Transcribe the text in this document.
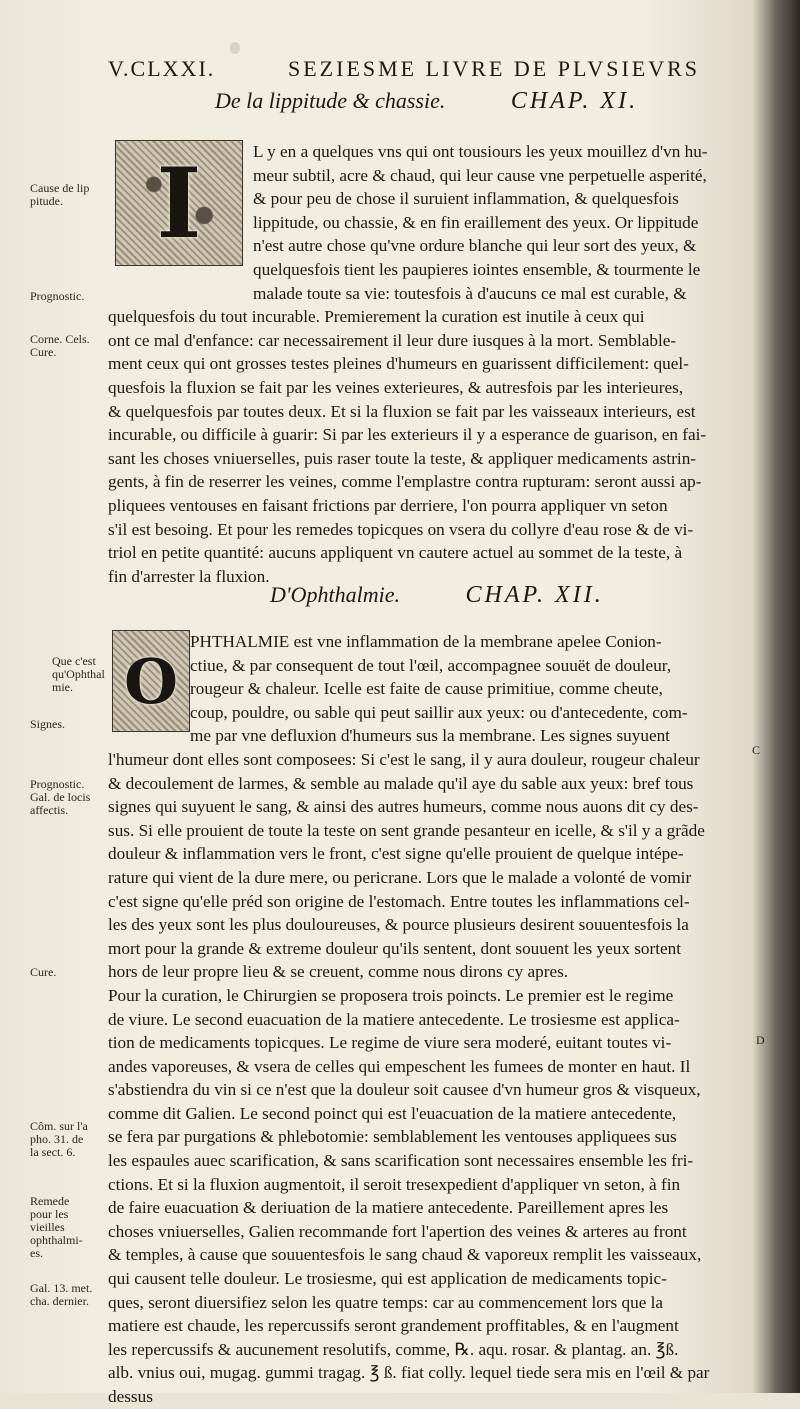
V.CLXXI.	SEZIESME LIVRE DE PLVSIEVRS
De la lippitude & chassie.	CHAP. XI.
I	L y en a quelques vns qui ont tousiours les yeux mouillez d'vn hu-
meur subtil, acre & chaud, qui leur cause vne perpetuelle asperité,
& pour peu de chose il suruient inflammation, & quelquesfois
lippitude, ou chassie, & en fin eraillement des yeux. Or lippitude
n'est autre chose qu'vne ordure blanche qui leur sort des yeux, &
quelquesfois tient les paupieres iointes ensemble, & tourmente le
malade toute sa vie: toutesfois à d'aucuns ce mal est curable, &
quelquesfois du tout incurable. Premierement la curation est inutile à ceux qui
ont ce mal d'enfance: car necessairement il leur dure iusques à la mort. Semblable-
ment ceux qui ont grosses testes pleines d'humeurs en guarissent difficilement: quel-
quesfois la fluxion se fait par les veines exterieures, & autresfois par les interieures,
& quelquesfois par toutes deux. Et si la fluxion se fait par les vaisseaux interieurs, est
incurable, ou difficile à guarir: Si par les exterieurs il y a esperance de guarison, en fai-
sant les choses vniuerselles, puis raser toute la teste, & appliquer medicaments astrin-
gents, à fin de reserrer les veines, comme l'emplastre contra rupturam: seront aussi ap-
pliquees ventouses en faisant frictions par derriere, l'on pourra appliquer vn seton
s'il est besoing. Et pour les remedes topicques on vsera du collyre d'eau rose & de vi-
triol en petite quantité: aucuns appliquent vn cautere actuel au sommet de la teste, à
fin d'arrester la fluxion.
Cause de lip pitude.
Prognostic.
Corne. Cels. Cure.
D'Ophthalmie.	CHAP. XII.
O
PHTHALMIE est vne inflammation de la membrane apelee Conion-
ctiue, & par consequent de tout l'œil, accompagnee souuët de douleur,
rougeur & chaleur. Icelle est faite de cause primitiue, comme cheute,
coup, pouldre, ou sable qui peut saillir aux yeux: ou d'antecedente, com-
me par vne defluxion d'humeurs sus la membrane. Les signes suyuent
l'humeur dont elles sont composees: Si c'est le sang, il y aura douleur, rougeur chaleur
& decoulement de larmes, & semble au malade qu'il aye du sable aux yeux: bref tous
signes qui suyuent le sang, & ainsi des autres humeurs, comme nous auons dit cy des-
sus. Si elle prouient de toute la teste on sent grande pesanteur en icelle, & s'il y a grãde
douleur & inflammation vers le front, c'est signe qu'elle prouient de quelque intépe-
rature qui vient de la dure mere, ou pericrane. Lors que le malade a volonté de vomir
c'est signe qu'elle préd son origine de l'estomach. Entre toutes les inflammations cel-
les des yeux sont les plus douloureuses, & pource plusieurs desirent souuentesfois la
mort pour la grande & extreme douleur qu'ils sentent, dont souuent les yeux sortent
hors de leur propre lieu & se creuent, comme nous dirons cy apres.
Pour la curation, le Chirurgien se proposera trois poincts. Le premier est le regime
de viure. Le second euacuation de la matiere antecedente. Le trosiesme est applica-
tion de medicaments topicques. Le regime de viure sera moderé, euitant toutes vi-
andes vaporeuses, & vsera de celles qui empeschent les fumees de monter en haut. Il
s'abstiendra du vin si ce n'est que la douleur soit causee d'vn humeur gros & visqueux,
comme dit Galien. Le second poinct qui est l'euacuation de la matiere antecedente,
se fera par purgations & phlebotomie: semblablement les ventouses appliquees sus
les espaules auec scarification, & sans scarification sont necessaires ensemble les fri-
ctions. Et si la fluxion augmentoit, il seroit tresexpedient d'appliquer vn seton, à fin
de faire euacuation & deriuation de la matiere antecedente. Pareillement apres les
choses vniuerselles, Galien recommande fort l'apertion des veines & arteres au front
& temples, à cause que souuentesfois le sang chaud & vaporeux remplit les vaisseaux,
qui causent telle douleur. Le trosiesme, qui est application de medicaments topic-
ques, seront diuersifiez selon les quatre temps: car au commencement lors que la
matiere est chaude, les repercussifs seront grandement proffitables, & en l'augment
les repercussifs & aucunement resolutifs, comme, ℞. aqu. rosar. & plantag. an. ℥ß.
alb. vnius oui, mugag. gummi tragag. ℥ ß. fiat colly. lequel tiede sera mis en l'œil & par
dessus
Que c'est qu'Ophthal mie.
Signes.
Prognostic. Gal. de locis affectis.
Cure.
Côm. sur l'a pho. 31. de la sect. 6.
Remede pour les vieilles ophthalmi- es.
Gal. 13. met. cha. dernier.
C
D
